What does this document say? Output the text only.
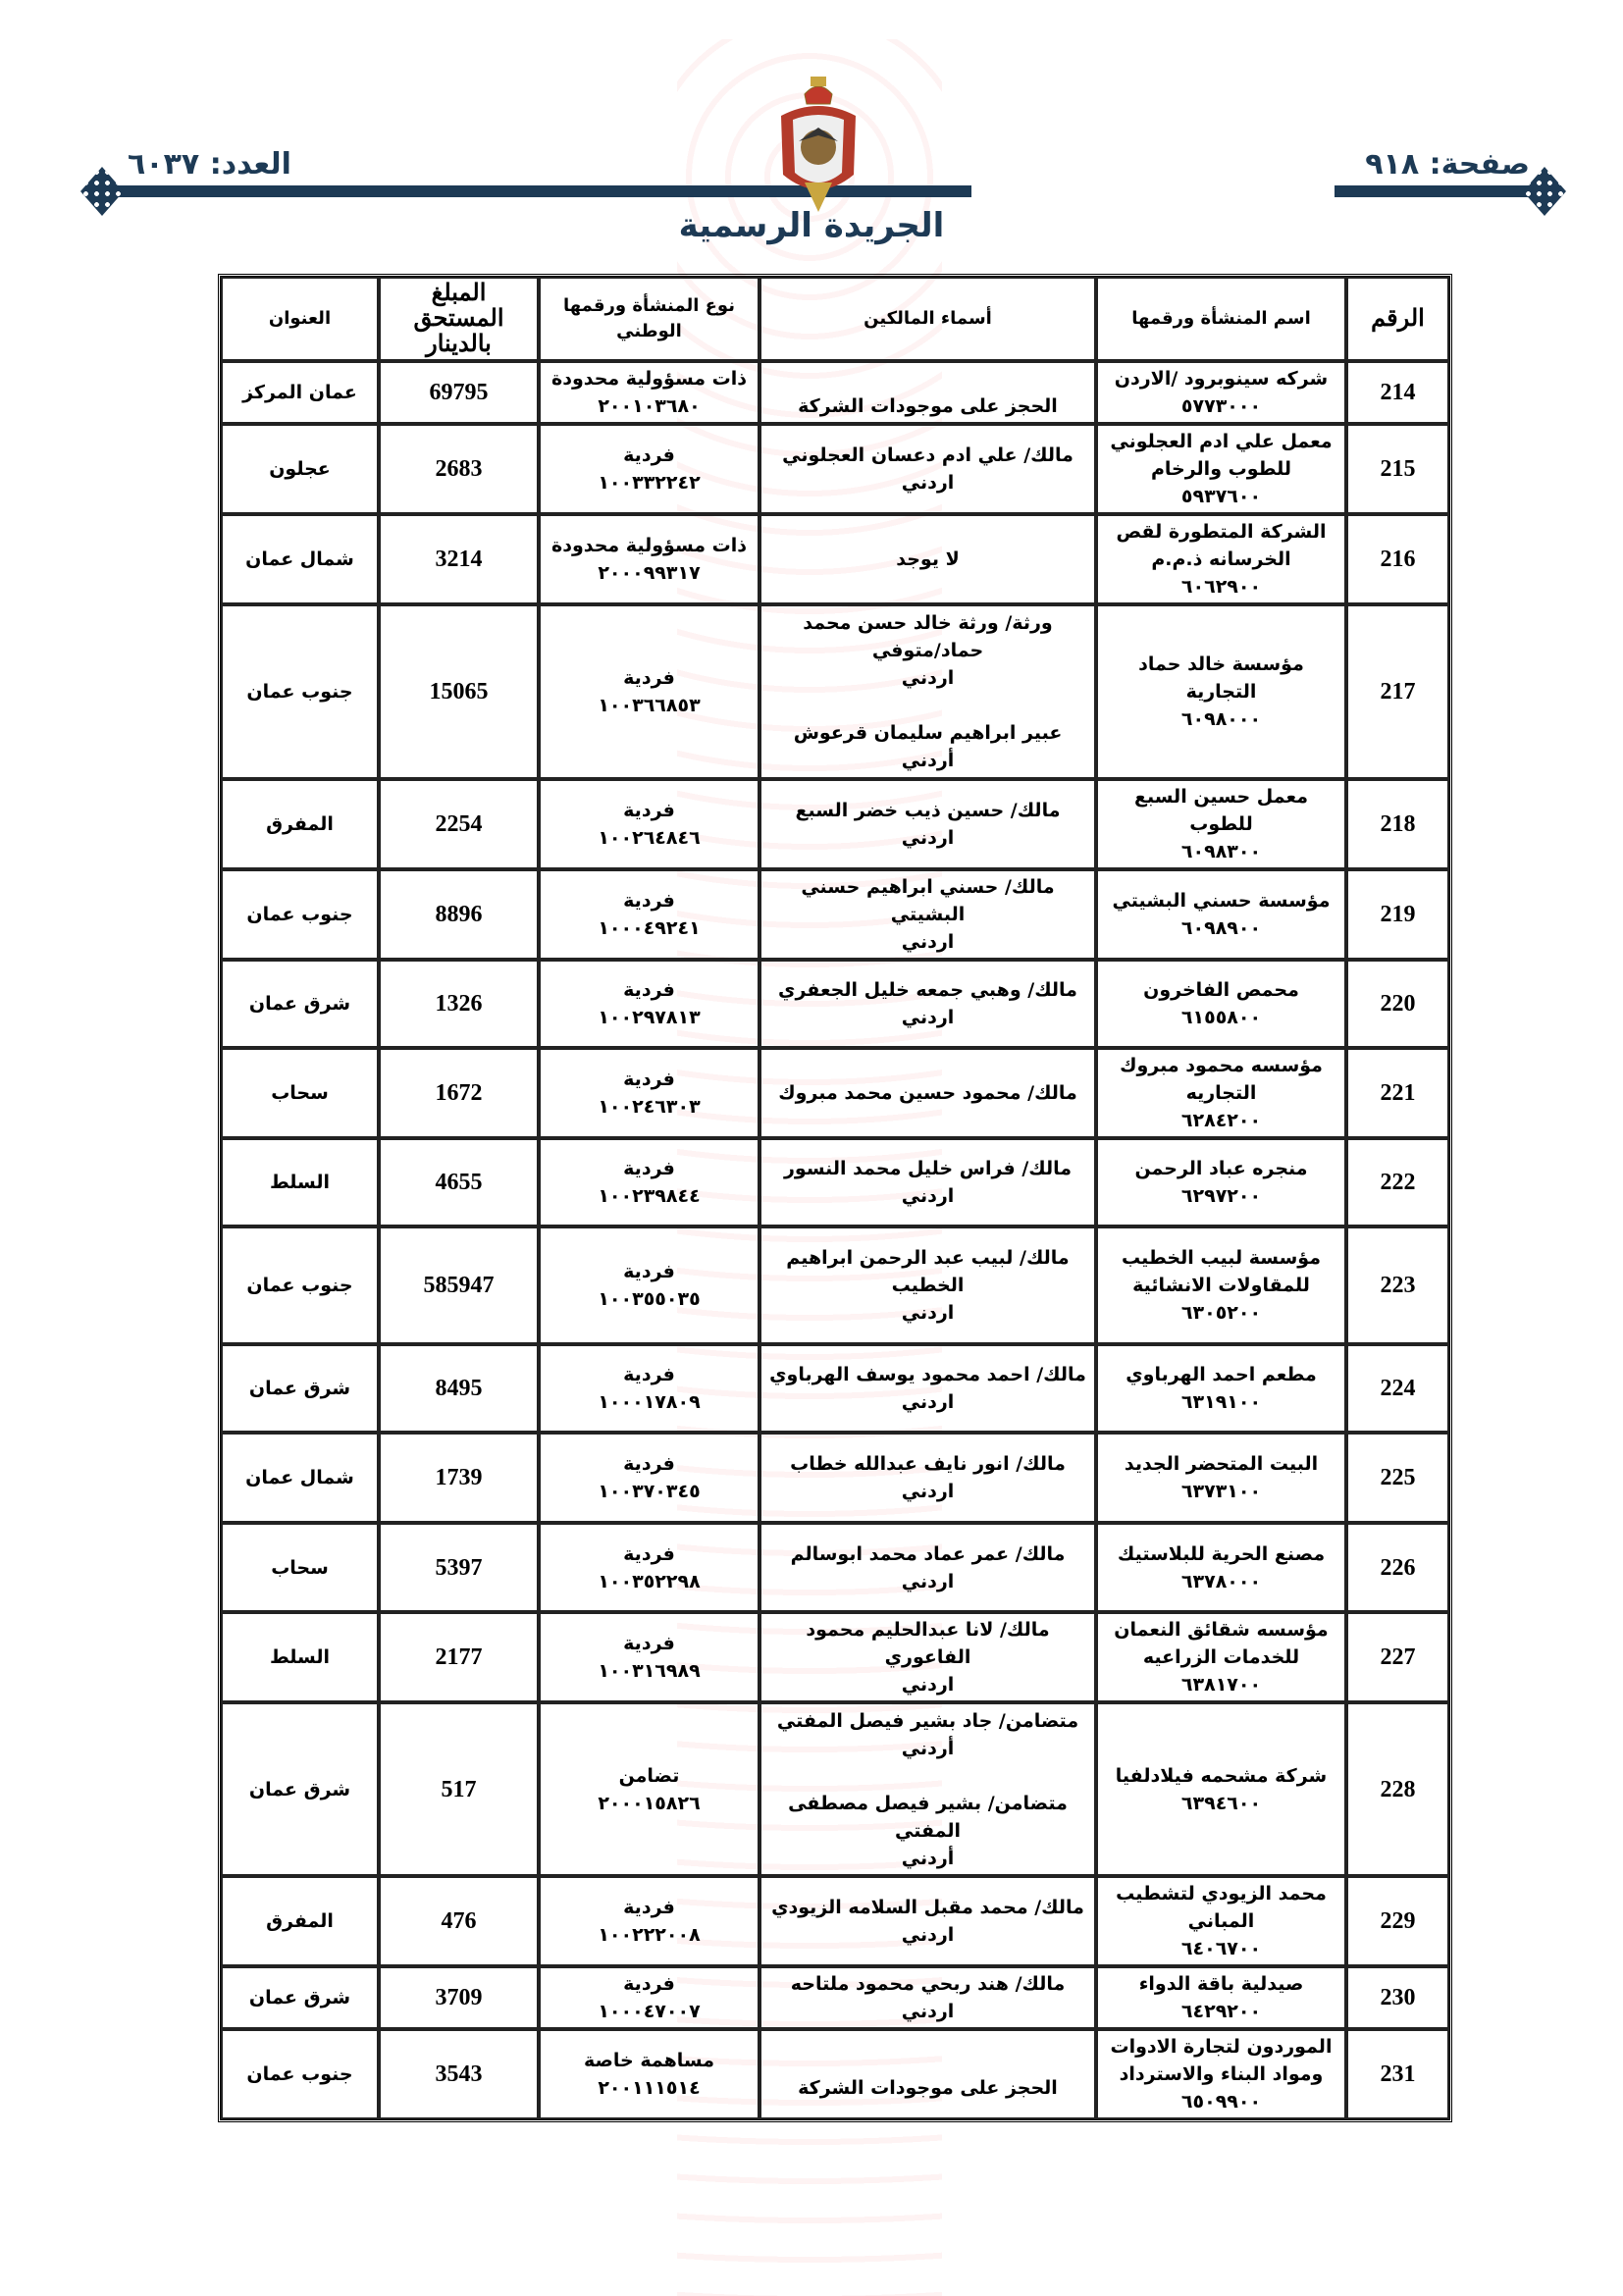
صفحة: ٩١٨
العدد: ٦٠٣٧
الجريدة الرسمية
الرقم	اسم المنشأة ورقمها	أسماء المالكين	نوع المنشأة ورقمها الوطني	المبلغ المستحق بالدينار	العنوان
214	شركه سينوبرود /الاردن
٥٧٧٣٠٠٠	
الحجز على موجودات الشركة	ذات مسؤولية محدودة
٢٠٠١٠٣٦٨٠	69795	عمان المركز
215	معمل علي ادم العجلوني
للطوب والرخام
٥٩٣٧٦٠٠	مالك/ علي ادم دعسان العجلوني
اردني	فردية
١٠٠٣٣٢٢٤٢	2683	عجلون
216	الشركة المتطورة لقص
الخرسانه ذ.م.م
٦٠٦٢٩٠٠	لا يوجد	ذات مسؤولية محدودة
٢٠٠٠٩٩٣١٧	3214	شمال عمان
217	مؤسسة خالد حماد التجارية
٦٠٩٨٠٠٠	ورثة/ ورثة خالد حسن محمد
حماد/متوفي
اردني

عبير ابراهيم سليمان قرعوش
أردني	فردية
١٠٠٣٦٦٨٥٣	15065	جنوب عمان
218	معمل حسين السبع للطوب
٦٠٩٨٣٠٠	مالك/ حسين ذيب خضر السبع
اردني	فردية
١٠٠٢٦٤٨٤٦	2254	المفرق
219	مؤسسة حسني البشيتي
٦٠٩٨٩٠٠	مالك/ حسني ابراهيم حسني البشيتي
اردني	فردية
١٠٠٠٤٩٢٤١	8896	جنوب عمان
220	محمص الفاخرون
٦١٥٥٨٠٠	مالك/ وهبي جمعه خليل الجعفري
اردني	فردية
١٠٠٢٩٧٨١٣	1326	شرق عمان
221	مؤسسه محمود مبروك
التجاريه
٦٢٨٤٢٠٠	مالك/ محمود حسين محمد مبروك	فردية
١٠٠٢٤٦٣٠٣	1672	سحاب
222	منجره عباد الرحمن
٦٢٩٧٢٠٠	مالك/ فراس خليل محمد النسور
اردني	فردية
١٠٠٢٣٩٨٤٤	4655	السلط
223	مؤسسة لبيب الخطيب
للمقاولات الانشائية
٦٣٠٥٢٠٠	مالك/ لبيب عبد الرحمن ابراهيم
الخطيب
اردني	فردية
١٠٠٣٥٥٠٣٥	585947	جنوب عمان
224	مطعم احمد الهرباوي
٦٣١٩١٠٠	مالك/ احمد محمود يوسف الهرباوي
اردني	فردية
١٠٠٠١٧٨٠٩	8495	شرق عمان
225	البيت المتحضر الجديد
٦٣٧٣١٠٠	مالك/ انور نايف عبدالله خطاب
اردني	فردية
١٠٠٣٧٠٣٤٥	1739	شمال عمان
226	مصنع الحرية للبلاستيك
٦٣٧٨٠٠٠	مالك/ عمر عماد محمد ابوسالم
اردني	فردية
١٠٠٣٥٢٢٩٨	5397	سحاب
227	مؤسسه شقائق النعمان
للخدمات الزراعيه
٦٣٨١٧٠٠	مالك/ لانا عبدالحليم محمود الفاعوري
اردني	فردية
١٠٠٣١٦٩٨٩	2177	السلط
228	شركة مشحمه فيلادلفيا
٦٣٩٤٦٠٠	متضامن/ جاد بشير فيصل المفتي
أردني

متضامن/ بشير فيصل مصطفى المفتي
أردني	تضامن
٢٠٠٠١٥٨٢٦	517	شرق عمان
229	محمد الزيودي لتشطيب
المباني
٦٤٠٦٧٠٠	مالك/ محمد مقبل السلامه الزيودي
اردني	فردية
١٠٠٢٢٢٠٠٨	476	المفرق
230	صيدلية باقة الدواء
٦٤٢٩٢٠٠	مالك/ هند ربحي محمود ملتاحه
اردني	فردية
١٠٠٠٤٧٠٠٧	3709	شرق عمان
231	الموردون لتجارة الادوات
ومواد البناء والاسترداد
٦٥٠٩٩٠٠	
الحجز على موجودات الشركة	مساهمة خاصة
٢٠٠١١١٥١٤	3543	جنوب عمان
